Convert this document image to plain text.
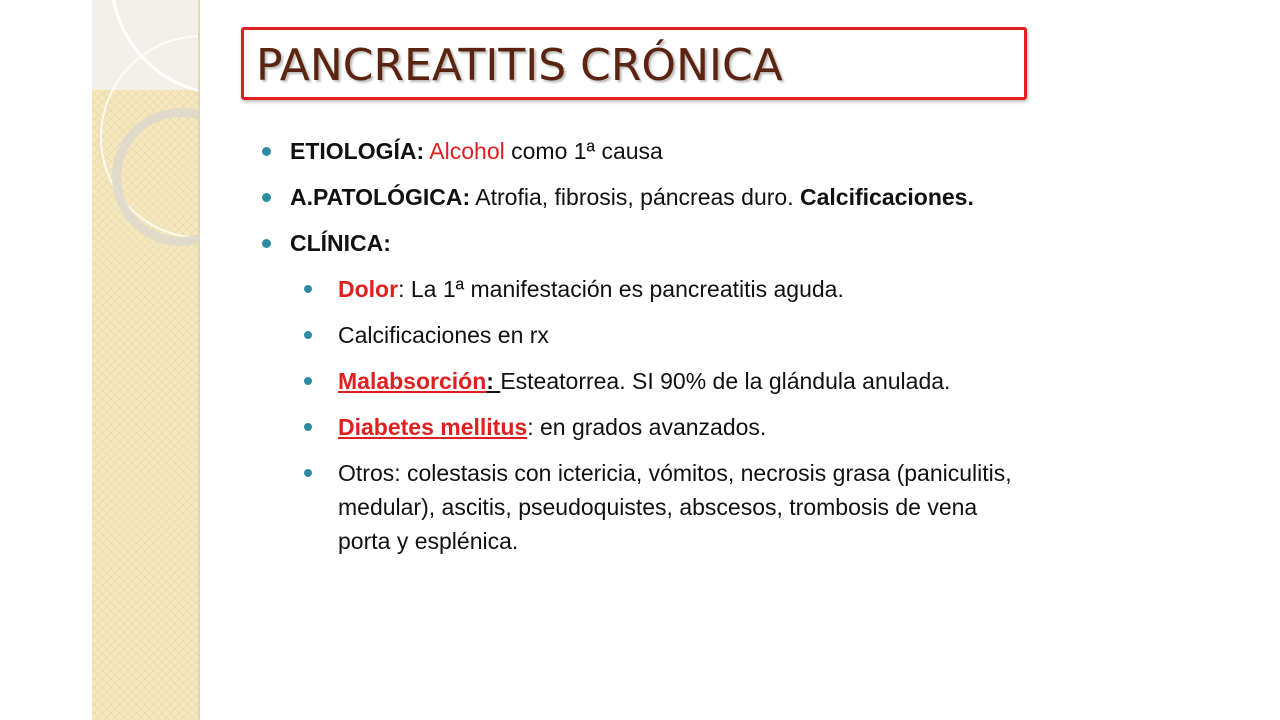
PANCREATITIS CRÓNICA
ETIOLOGÍA: Alcohol como 1ª causa
A.PATOLÓGICA: Atrofia, fibrosis, páncreas duro. Calcificaciones.
CLÍNICA:
Dolor: La 1ª manifestación es pancreatitis aguda.
Calcificaciones en rx
Malabsorción: Esteatorrea. SI 90% de la glándula anulada.
Diabetes mellitus: en grados avanzados.
Otros: colestasis con ictericia, vómitos, necrosis grasa (paniculitis, medular), ascitis, pseudoquistes, abscesos, trombosis de vena porta y esplénica.
